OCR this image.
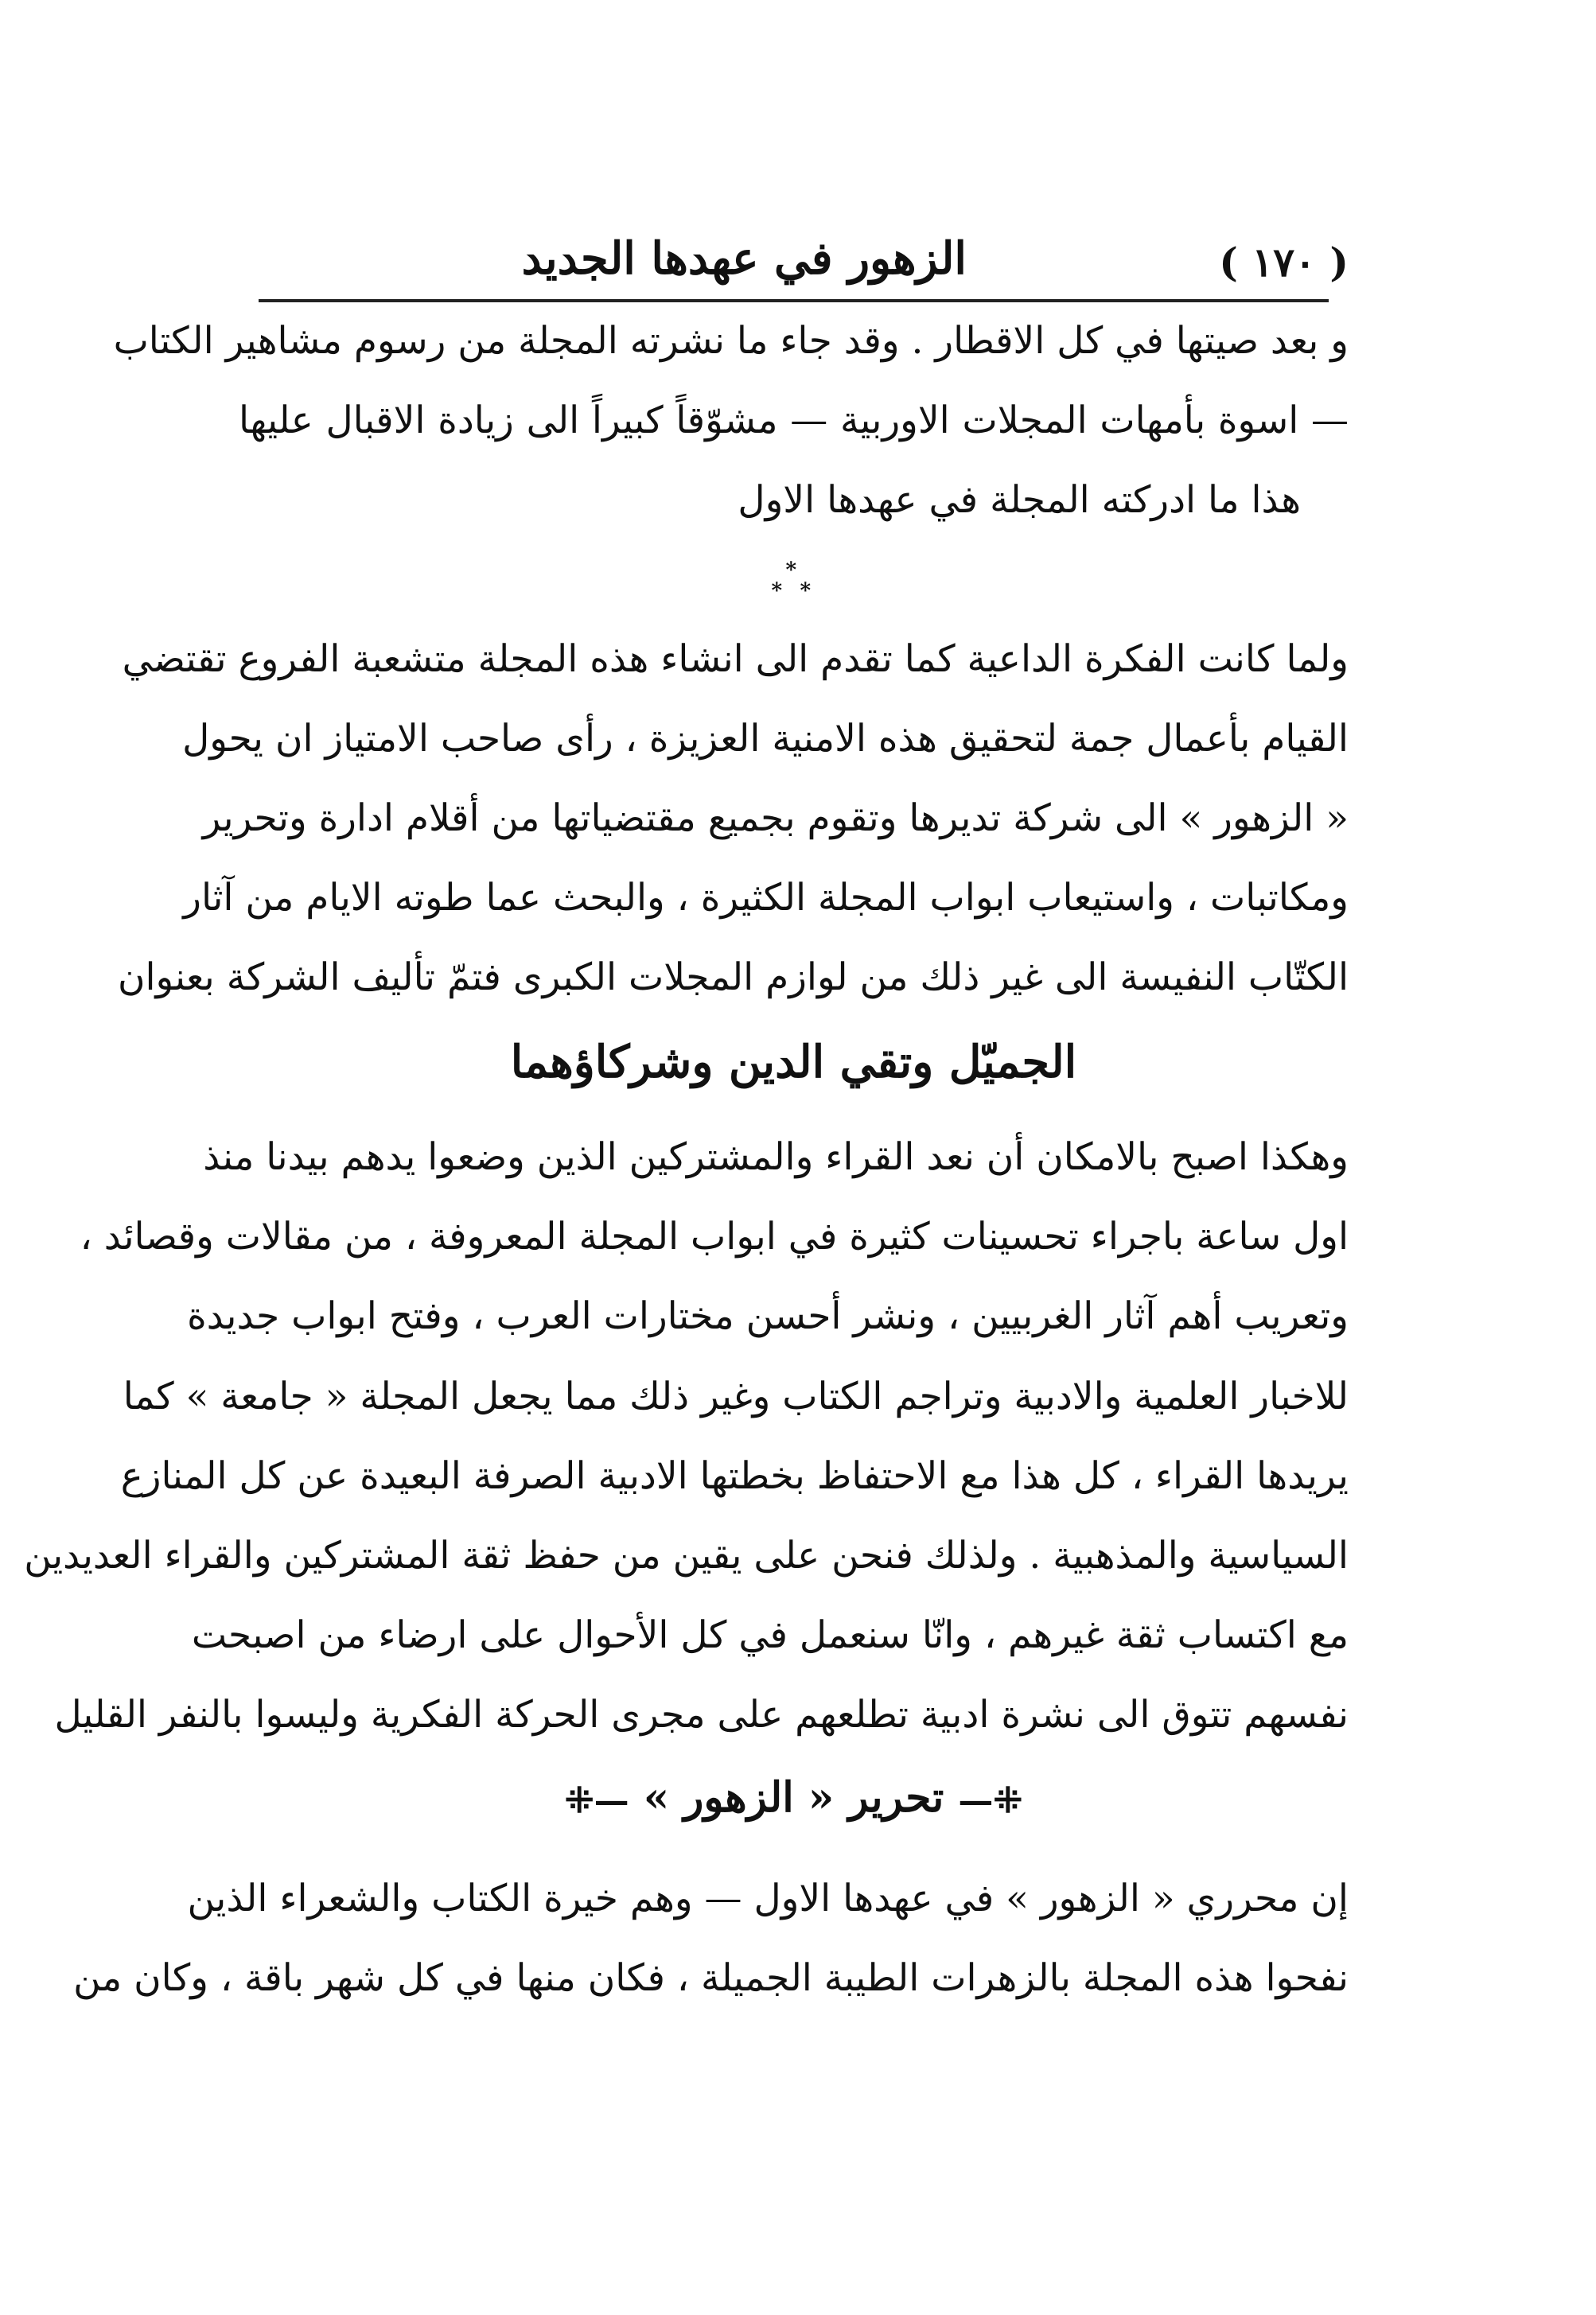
( ١٧٠ )
الزهور في عهدها الجديد

و بعد صيتها في كل الاقطار . وقد جاء ما نشرته المجلة من رسوم مشاهير الكتاب

— اسوة بأمهات المجلات الاوربية — مشوّقاً كبيراً الى زيادة الاقبال عليها

هذا ما ادركته المجلة في عهدها الاول

*
* *

ولما كانت الفكرة الداعية كما تقدم الى انشاء هذه المجلة متشعبة الفروع تقتضي

القيام بأعمال جمة لتحقيق هذه الامنية العزيزة ، رأى صاحب الامتياز ان يحول

« الزهور » الى شركة تديرها وتقوم بجميع مقتضياتها من أقلام ادارة وتحرير

ومكاتبات ، واستيعاب ابواب المجلة الكثيرة ، والبحث عما طوته الايام من آثار

الكتّاب النفيسة الى غير ذلك من لوازم المجلات الكبرى فتمّ تأليف الشركة بعنوان

الجميّل وتقي الدين وشركاؤهما

وهكذا اصبح بالامكان أن نعد القراء والمشتركين الذين وضعوا يدهم بيدنا منذ

اول ساعة باجراء تحسينات كثيرة في ابواب المجلة المعروفة ، من مقالات وقصائد ،

وتعريب أهم آثار الغربيين ، ونشر أحسن مختارات العرب ، وفتح ابواب جديدة

للاخبار العلمية والادبية وتراجم الكتاب وغير ذلك مما يجعل المجلة « جامعة » كما

يريدها القراء ، كل هذا مع الاحتفاظ بخطتها الادبية الصرفة البعيدة عن كل المنازع

السياسية والمذهبية . ولذلك فنحن على يقين من حفظ ثقة المشتركين والقراء العديدين

مع اكتساب ثقة غيرهم ، وانّا سنعمل في كل الأحوال على ارضاء من اصبحت

نفسهم تتوق الى نشرة ادبية تطلعهم على مجرى الحركة الفكرية وليسوا بالنفر القليل

⁜— تحرير « الزهور » —⁜

إن محرري « الزهور » في عهدها الاول — وهم خيرة الكتاب والشعراء الذين

نفحوا هذه المجلة بالزهرات الطيبة الجميلة ، فكان منها في كل شهر باقة ، وكان من
